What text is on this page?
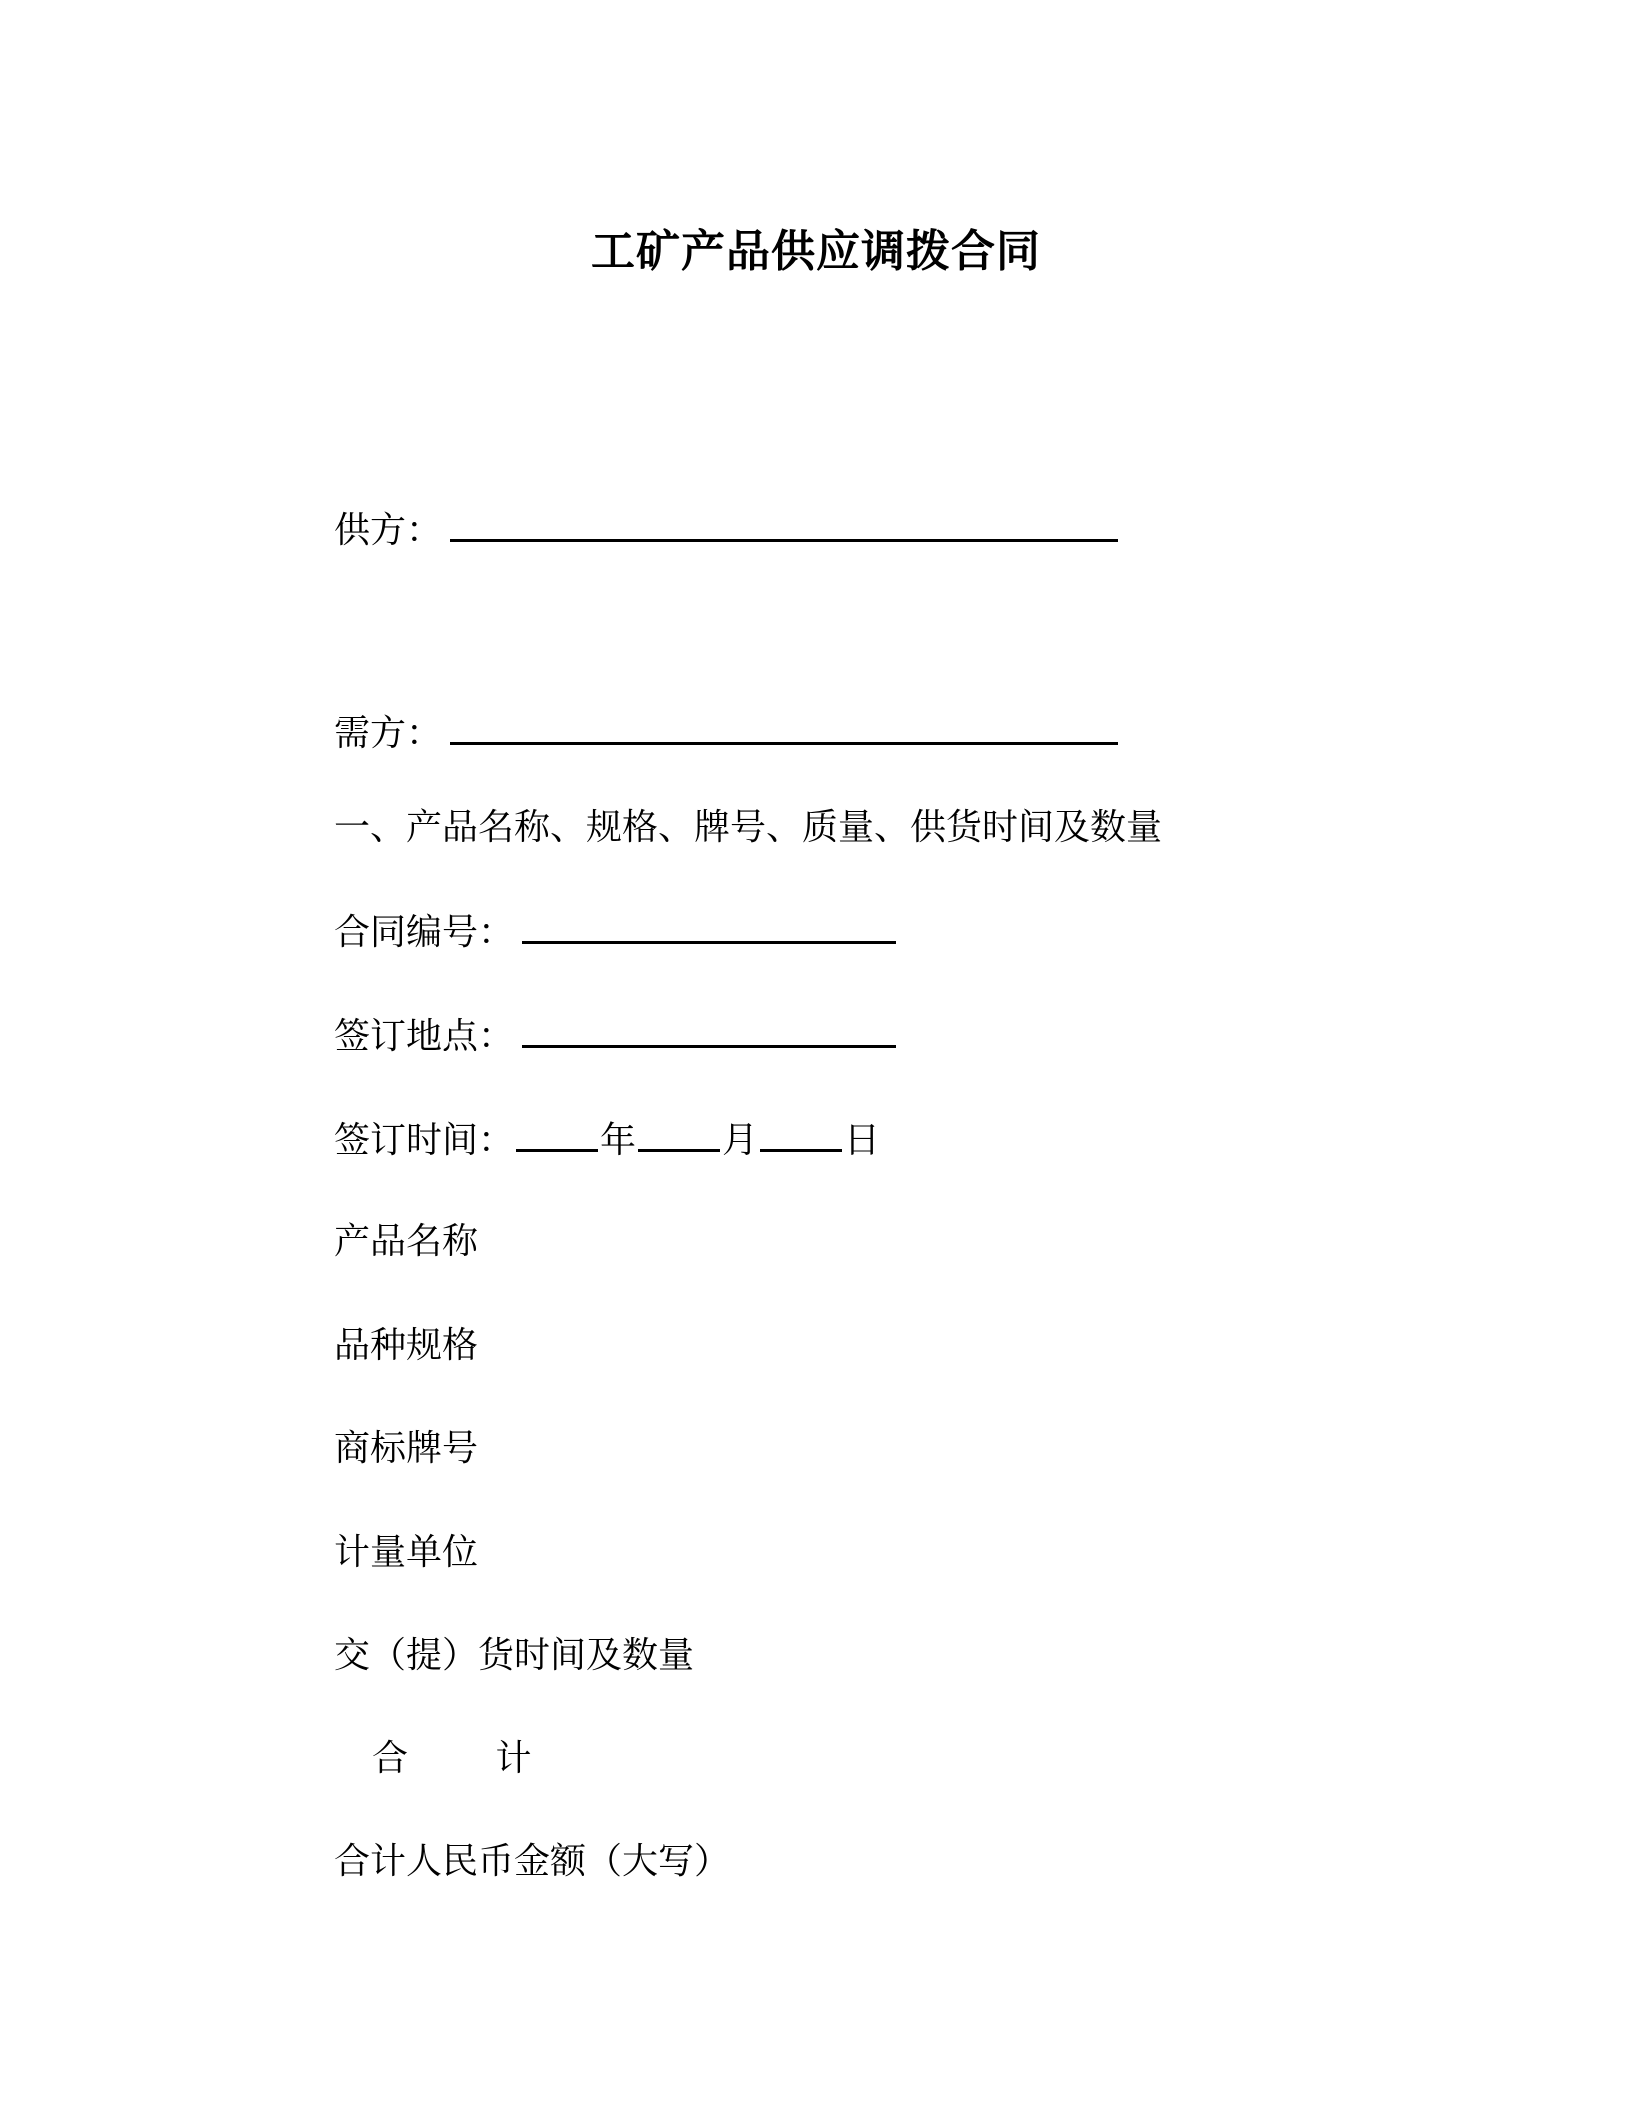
工矿产品供应调拨合同
供方：
需方：
一、产品名称、规格、牌号、质量、供货时间及数量
合同编号：
签订地点：
签订时间： 年 月 日
产品名称
品种规格
商标牌号
计量单位
交（提）货时间及数量
合 计
合计人民币金额（大写）
